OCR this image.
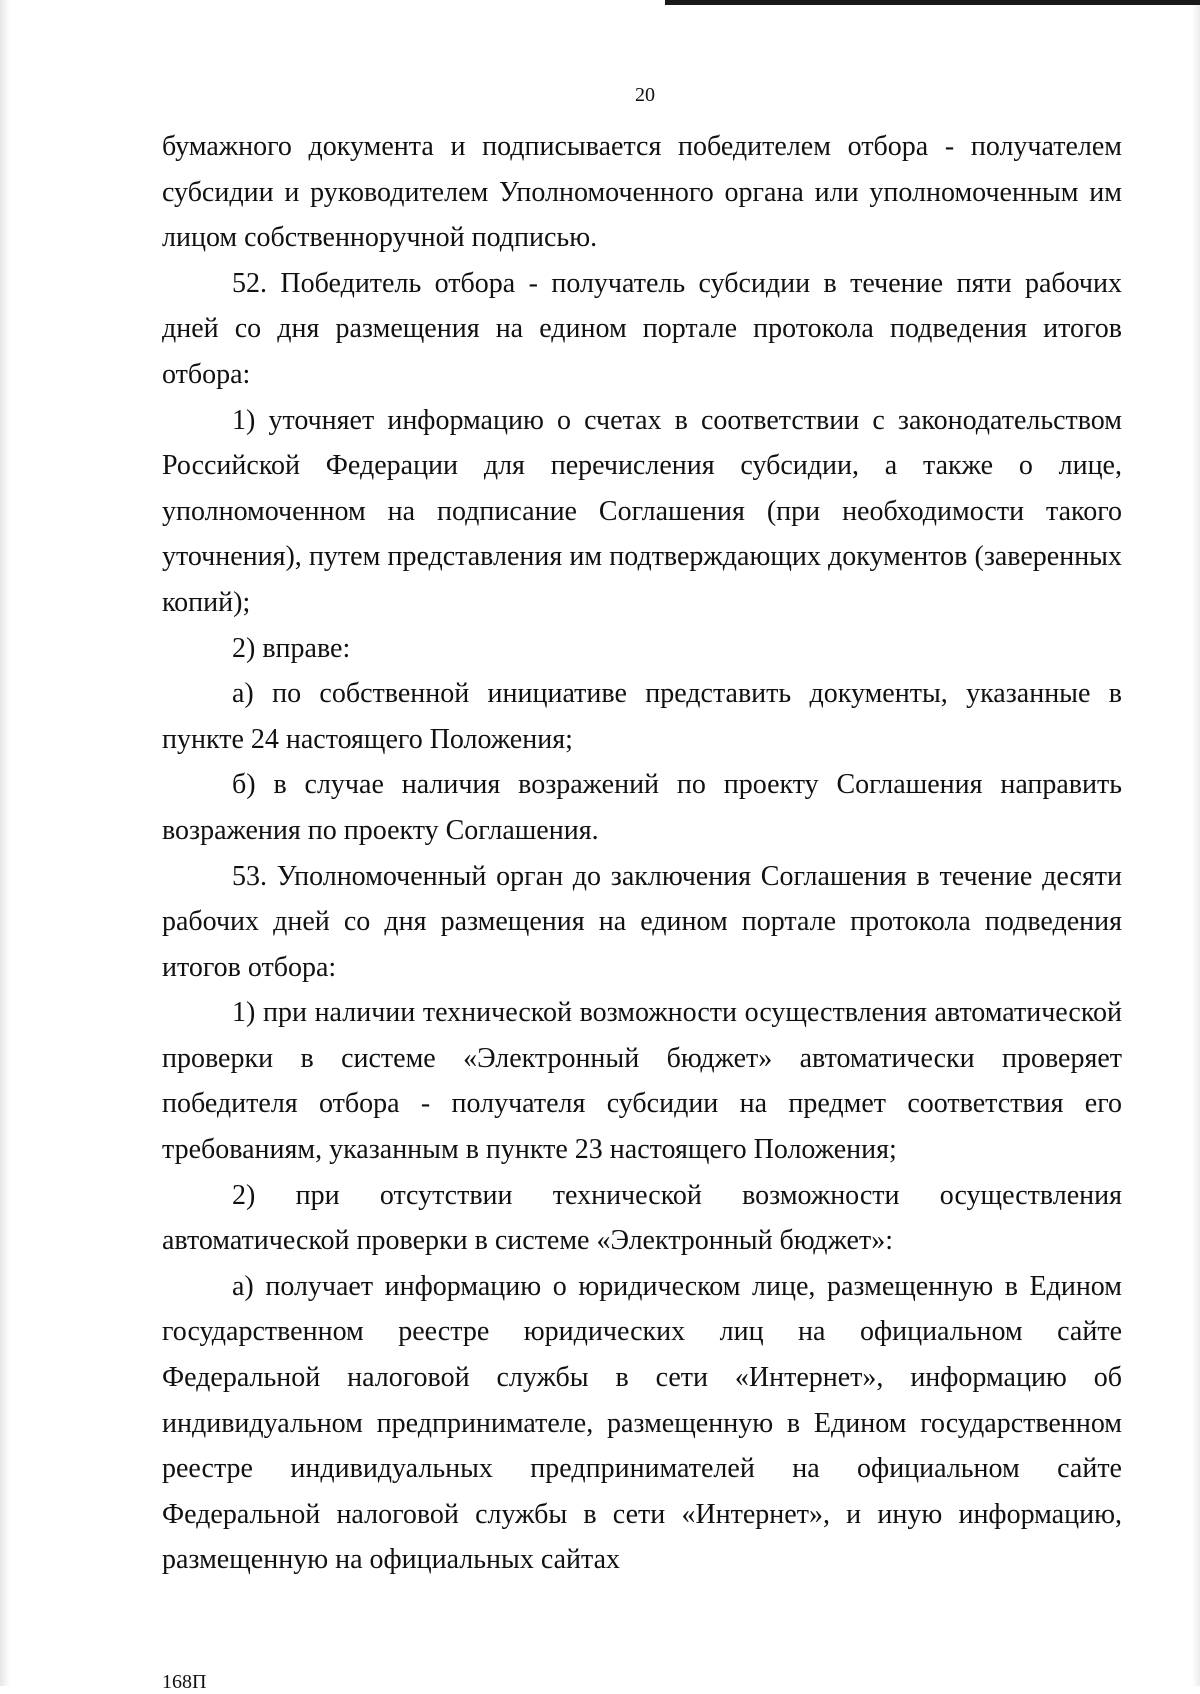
20

бумажного документа и подписывается победителем отбора - получателем субсидии и руководителем Уполномоченного органа или уполномоченным им лицом собственноручной подписью.

52. Победитель отбора - получатель субсидии в течение пяти рабочих дней со дня размещения на едином портале протокола подведения итогов отбора:

1) уточняет информацию о счетах в соответствии с законодательством Российской Федерации для перечисления субсидии, а также о лице, уполномоченном на подписание Соглашения (при необходимости такого уточнения), путем представления им подтверждающих документов (заверенных копий);

2) вправе:

а) по собственной инициативе представить документы, указанные в пункте 24 настоящего Положения;

б) в случае наличия возражений по проекту Соглашения направить возражения по проекту Соглашения.

53. Уполномоченный орган до заключения Соглашения в течение десяти рабочих дней со дня размещения на едином портале протокола подведения итогов отбора:

1) при наличии технической возможности осуществления автоматической проверки в системе «Электронный бюджет» автоматически проверяет победителя отбора - получателя субсидии на предмет соответствия его требованиям, указанным в пункте 23 настоящего Положения;

2) при отсутствии технической возможности осуществления автоматической проверки в системе «Электронный бюджет»:

а) получает информацию о юридическом лице, размещенную в Едином государственном реестре юридических лиц на официальном сайте Федеральной налоговой службы в сети «Интернет», информацию об индивидуальном предпринимателе, размещенную в Едином государственном реестре индивидуальных предпринимателей на официальном сайте Федеральной налоговой службы в сети «Интернет», и иную информацию, размещенную на официальных сайтах

168П
